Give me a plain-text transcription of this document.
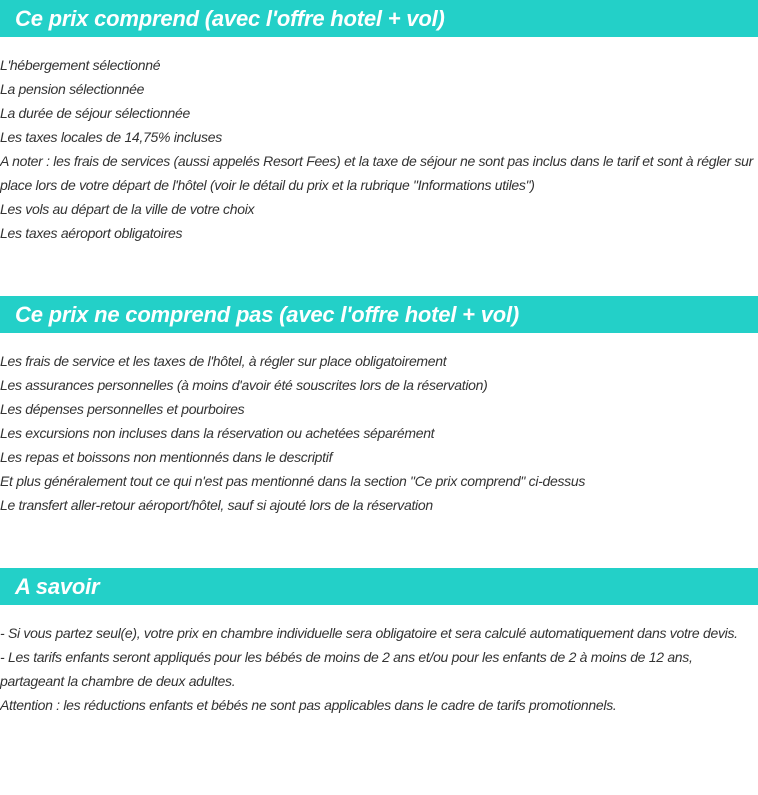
Ce prix comprend (avec l'offre hotel + vol)
L'hébergement sélectionné
La pension sélectionnée
La durée de séjour sélectionnée
Les taxes locales de 14,75% incluses
A noter : les frais de services (aussi appelés Resort Fees) et la taxe de séjour ne sont pas inclus dans le tarif et sont à régler sur place lors de votre départ de l'hôtel (voir le détail du prix et la rubrique "Informations utiles")
Les vols au départ de la ville de votre choix
Les taxes aéroport obligatoires
Ce prix ne comprend pas (avec l'offre hotel + vol)
Les frais de service et les taxes de l'hôtel, à régler sur place obligatoirement
Les assurances personnelles (à moins d'avoir été souscrites lors de la réservation)
Les dépenses personnelles et pourboires
Les excursions non incluses dans la réservation ou achetées séparément
Les repas et boissons non mentionnés dans le descriptif
Et plus généralement tout ce qui n'est pas mentionné dans la section "Ce prix comprend" ci-dessus
Le transfert aller-retour aéroport/hôtel, sauf si ajouté lors de la réservation
A savoir
- Si vous partez seul(e), votre prix en chambre individuelle sera obligatoire et sera calculé automatiquement dans votre devis.
- Les tarifs enfants seront appliqués pour les bébés de moins de 2 ans et/ou pour les enfants de 2 à moins de 12 ans, partageant la chambre de deux adultes.
Attention : les réductions enfants et bébés ne sont pas applicables dans le cadre de tarifs promotionnels.
